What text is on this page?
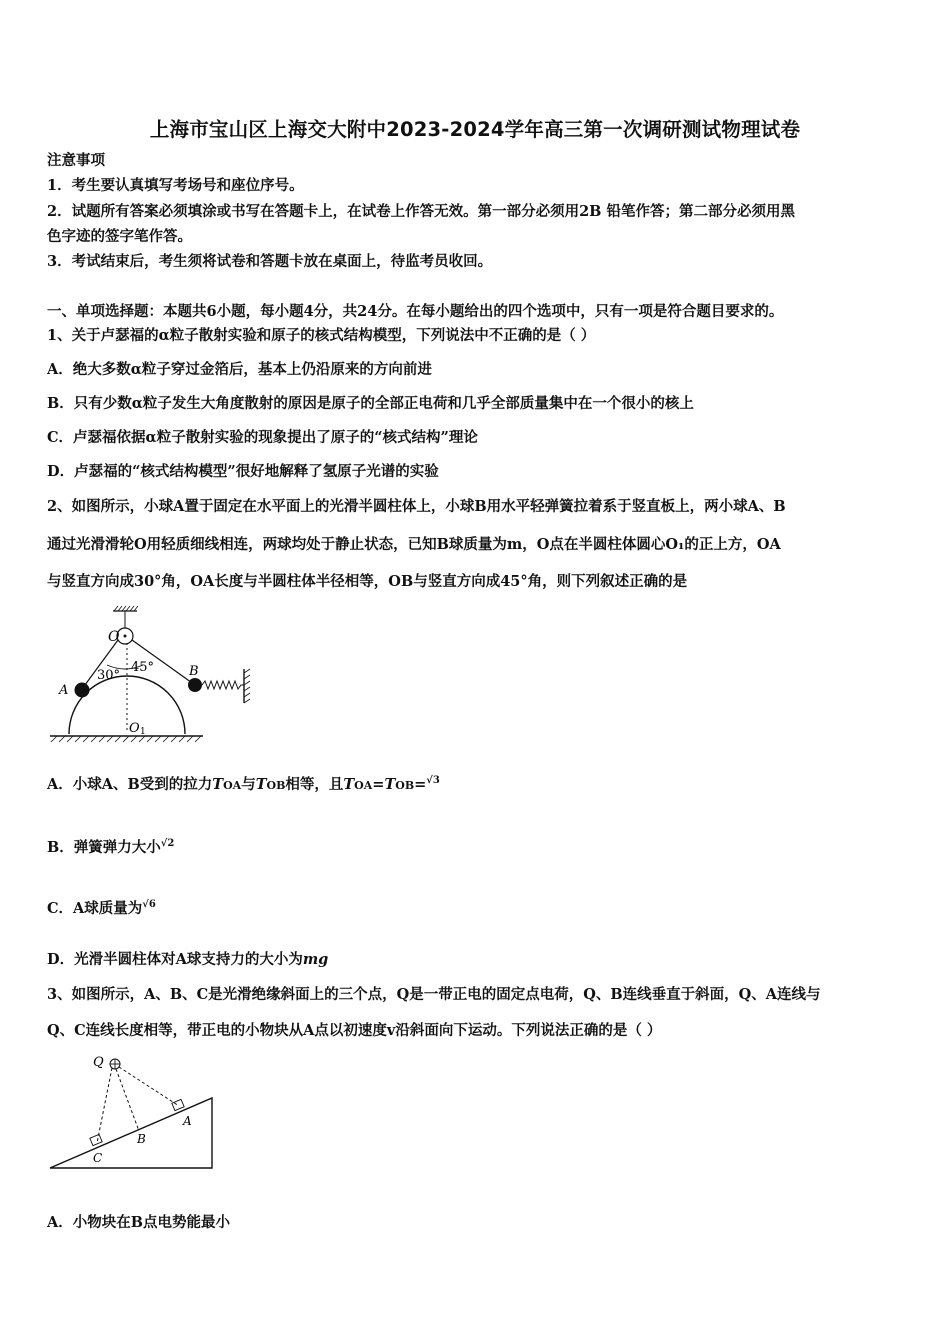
上海市宝山区上海交大附中2023-2024学年高三第一次调研测试物理试卷
注意事项
1．考生要认真填写考场号和座位序号。
2．试题所有答案必须填涂或书写在答题卡上，在试卷上作答无效。第一部分必须用2B 铅笔作答；第二部分必须用黑
色字迹的签字笔作答。
3．考试结束后，考生须将试卷和答题卡放在桌面上，待监考员收回。
一、单项选择题：本题共6小题，每小题4分，共24分。在每小题给出的四个选项中，只有一项是符合题目要求的。
1、关于卢瑟福的α粒子散射实验和原子的核式结构模型，下列说法中不正确的是（ ）
A．绝大多数α粒子穿过金箔后，基本上仍沿原来的方向前进
B．只有少数α粒子发生大角度散射的原因是原子的全部正电荷和几乎全部质量集中在一个很小的核上
C．卢瑟福依据α粒子散射实验的现象提出了原子的“核式结构”理论
D．卢瑟福的“核式结构模型”很好地解释了氢原子光谱的实验
2、如图所示，小球A置于固定在水平面上的光滑半圆柱体上，小球B用水平轻弹簧拉着系于竖直板上，两小球A、B
通过光滑滑轮O用轻质细线相连，两球均处于静止状态，已知B球质量为m，O点在半圆柱体圆心O₁的正上方，OA
与竖直方向成30°角，OA长度与半圆柱体半径相等，OB与竖直方向成45°角，则下列叙述正确的是
O
A
B
30°
45°
O 1
A．小球A、B受到的拉力TOA与TOB相等，且TOA=TOB=$^{√3}$
B．弹簧弹力大小$^{√2}$
C．A球质量为$^{√6}$
D．光滑半圆柱体对A球支持力的大小为mg
3、如图所示，A、B、C是光滑绝缘斜面上的三个点，Q是一带正电的固定点电荷，Q、B连线垂直于斜面，Q、A连线与
Q、C连线长度相等，带正电的小物块从A点以初速度v沿斜面向下运动。下列说法正确的是（ ）
Q
A
B
C
A．小物块在B点电势能最小
